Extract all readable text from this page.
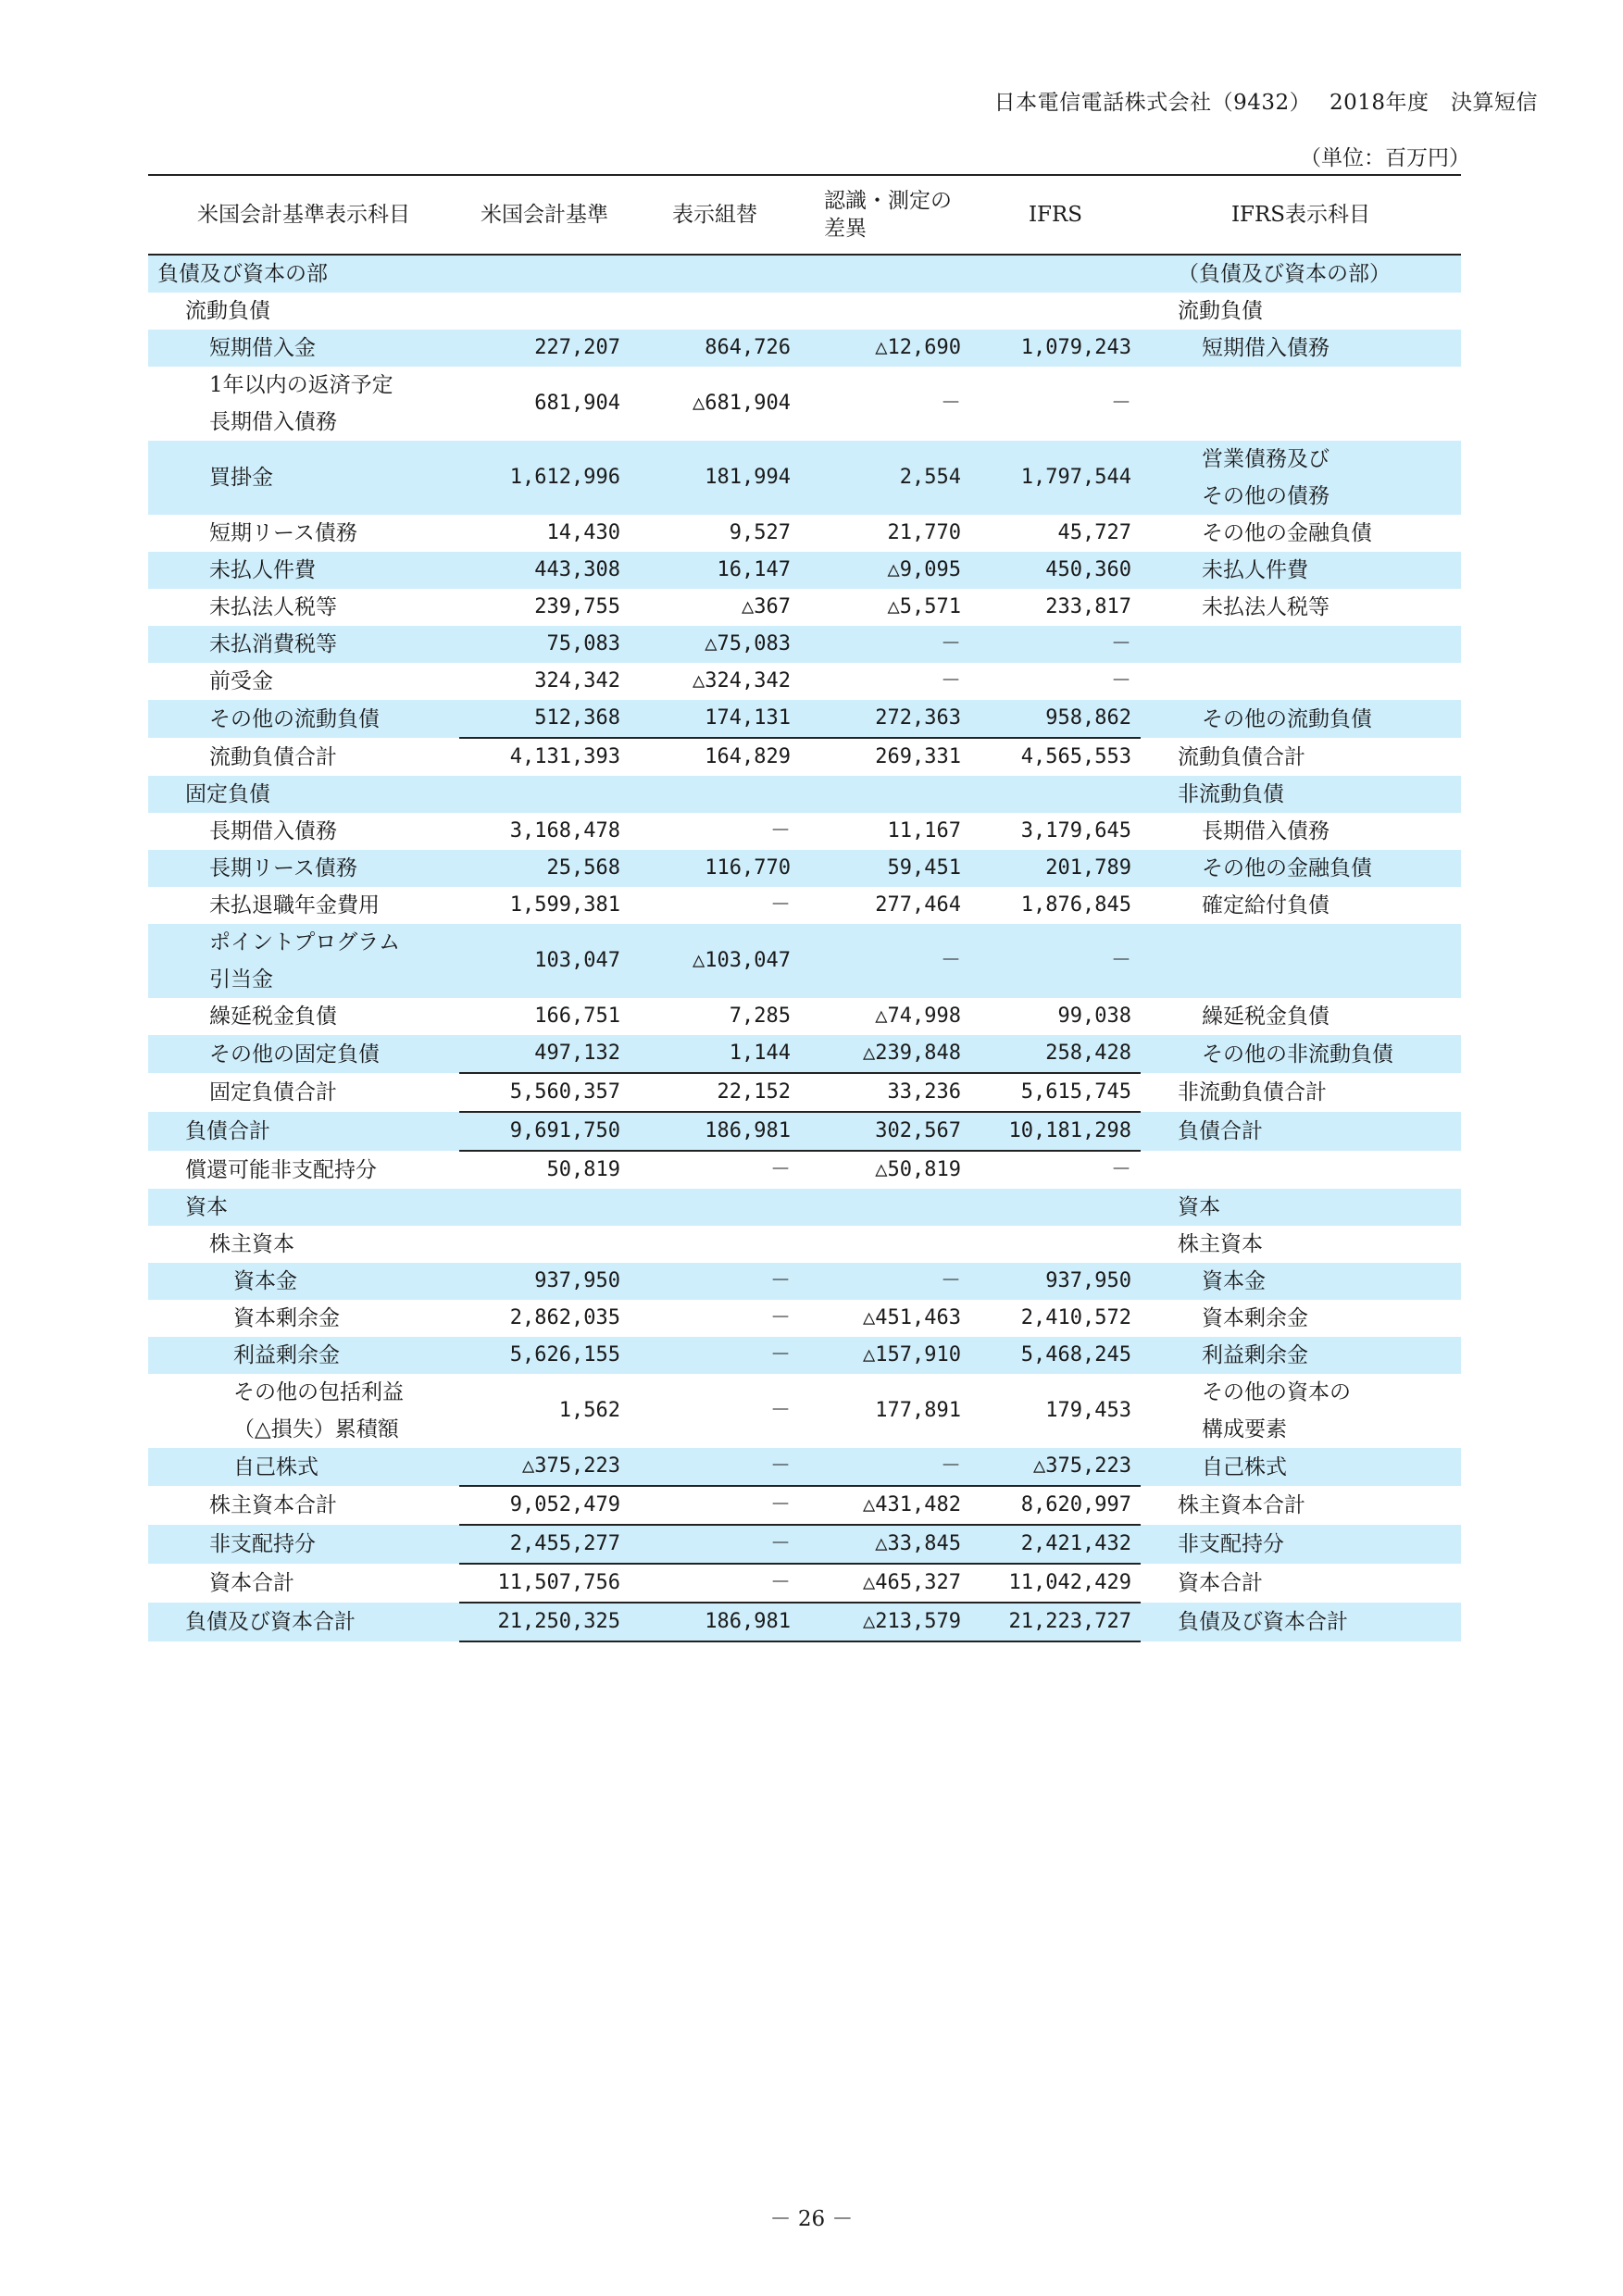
日本電信電話株式会社（9432）　 2018年度　決算短信
（単位：百万円）
米国会計基準表示科目	米国会計基準	表示組替	認識・測定の
差異	IFRS	IFRS表示科目
負債及び資本の部					（負債及び資本の部）
流動負債					流動負債
短期借入金	227,207	864,726	△12,690	1,079,243	短期借入債務
1年以内の返済予定
長期借入債務	681,904	△681,904	－	－	
買掛金	1,612,996	181,994	2,554	1,797,544	営業債務及び
その他の債務
短期リース債務	14,430	9,527	21,770	45,727	その他の金融負債
未払人件費	443,308	16,147	△9,095	450,360	未払人件費
未払法人税等	239,755	△367	△5,571	233,817	未払法人税等
未払消費税等	75,083	△75,083	－	－	
前受金	324,342	△324,342	－	－	
その他の流動負債	512,368	174,131	272,363	958,862	その他の流動負債
流動負債合計	4,131,393	164,829	269,331	4,565,553	流動負債合計
固定負債					非流動負債
長期借入債務	3,168,478	－	11,167	3,179,645	長期借入債務
長期リース債務	25,568	116,770	59,451	201,789	その他の金融負債
未払退職年金費用	1,599,381	－	277,464	1,876,845	確定給付負債
ポイントプログラム
引当金	103,047	△103,047	－	－	
繰延税金負債	166,751	7,285	△74,998	99,038	繰延税金負債
その他の固定負債	497,132	1,144	△239,848	258,428	その他の非流動負債
固定負債合計	5,560,357	22,152	33,236	5,615,745	非流動負債合計
負債合計	9,691,750	186,981	302,567	10,181,298	負債合計
償還可能非支配持分	50,819	－	△50,819	－	
資本					資本
株主資本					株主資本
資本金	937,950	－	－	937,950	資本金
資本剰余金	2,862,035	－	△451,463	2,410,572	資本剰余金
利益剰余金	5,626,155	－	△157,910	5,468,245	利益剰余金
その他の包括利益
（△損失）累積額	1,562	－	177,891	179,453	その他の資本の
構成要素
自己株式	△375,223	－	－	△375,223	自己株式
株主資本合計	9,052,479	－	△431,482	8,620,997	株主資本合計
非支配持分	2,455,277	－	△33,845	2,421,432	非支配持分
資本合計	11,507,756	－	△465,327	11,042,429	資本合計
負債及び資本合計	21,250,325	186,981	△213,579	21,223,727	負債及び資本合計
－ 26 －
